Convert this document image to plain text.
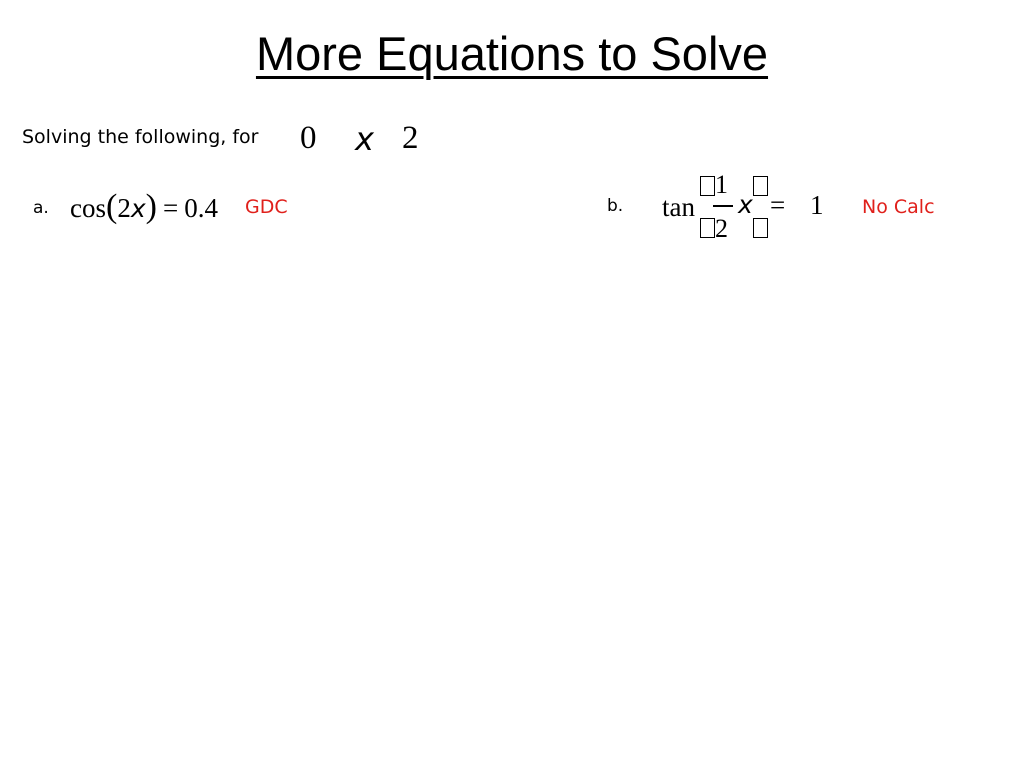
More Equations to Solve
Solving the following, for 0 x 2
a. cos(2x) = 0.4 GDC	b. tan
1
2
x = 1 No Calc
